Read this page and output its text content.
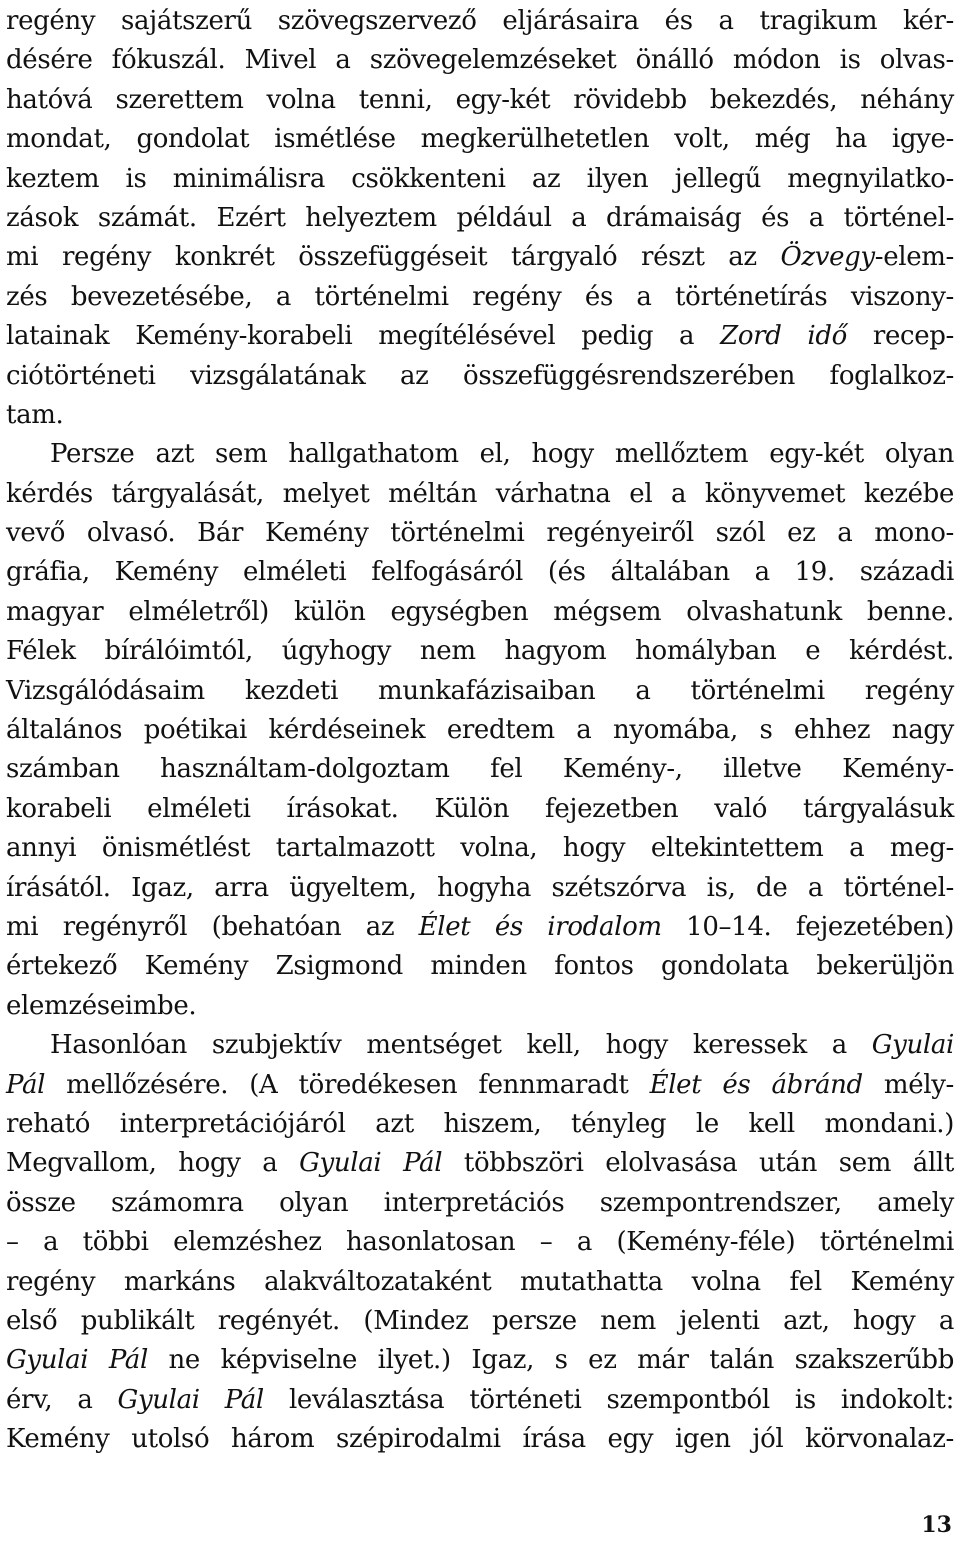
regény sajátszerű szövegszervező eljárásaira és a tragikum kér-
désére fókuszál. Mivel a szövegelemzéseket önálló módon is olvas-
hatóvá szerettem volna tenni, egy-két rövidebb bekezdés, néhány
mondat, gondolat ismétlése megkerülhetetlen volt, még ha igye-
keztem is minimálisra csökkenteni az ilyen jellegű megnyilatko-
zások számát. Ezért helyeztem például a drámaiság és a történel-
mi regény konkrét összefüggéseit tárgyaló részt az Özvegy-elem-
zés bevezetésébe, a történelmi regény és a történetírás viszony-
latainak Kemény-korabeli megítélésével pedig a Zord idő recep-
ciótörténeti vizsgálatának az összefüggésrendszerében foglalkoz-
tam.
Persze azt sem hallgathatom el, hogy mellőztem egy-két olyan
kérdés tárgyalását, melyet méltán várhatna el a könyvemet kezébe
vevő olvasó. Bár Kemény történelmi regényeiről szól ez a mono-
gráfia, Kemény elméleti felfogásáról (és általában a 19. századi
magyar elméletről) külön egységben mégsem olvashatunk benne.
Félek bírálóimtól, úgyhogy nem hagyom homályban e kérdést.
Vizsgálódásaim kezdeti munkafázisaiban a történelmi regény
általános poétikai kérdéseinek eredtem a nyomába, s ehhez nagy
számban használtam-dolgoztam fel Kemény-, illetve Kemény-
korabeli elméleti írásokat. Külön fejezetben való tárgyalásuk
annyi önismétlést tartalmazott volna, hogy eltekintettem a meg-
írásától. Igaz, arra ügyeltem, hogyha szétszórva is, de a történel-
mi regényről (behatóan az Élet és irodalom 10–14. fejezetében)
értekező Kemény Zsigmond minden fontos gondolata bekerüljön
elemzéseimbe.
Hasonlóan szubjektív mentséget kell, hogy keressek a Gyulai
Pál mellőzésére. (A töredékesen fennmaradt Élet és ábránd mély-
reható interpretációjáról azt hiszem, tényleg le kell mondani.)
Megvallom, hogy a Gyulai Pál többszöri elolvasása után sem állt
össze számomra olyan interpretációs szempontrendszer, amely
– a többi elemzéshez hasonlatosan – a (Kemény-féle) történelmi
regény markáns alakváltozataként mutathatta volna fel Kemény
első publikált regényét. (Mindez persze nem jelenti azt, hogy a
Gyulai Pál ne képviselne ilyet.) Igaz, s ez már talán szakszerűbb
érv, a Gyulai Pál leválasztása történeti szempontból is indokolt:
Kemény utolsó három szépirodalmi írása egy igen jól körvonalaz-
13
